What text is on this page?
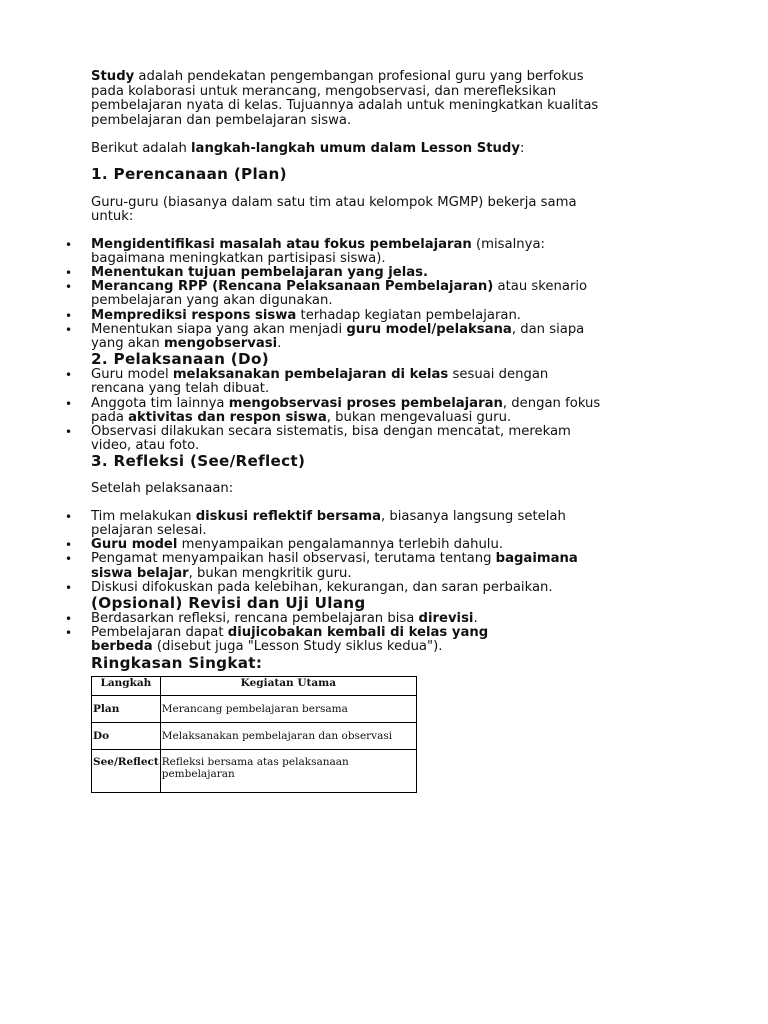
Study adalah pendekatan pengembangan profesional guru yang berfokus
pada kolaborasi untuk merancang, mengobservasi, dan merefleksikan
pembelajaran nyata di kelas. Tujuannya adalah untuk meningkatkan kualitas
pembelajaran dan pembelajaran siswa.

Berikut adalah langkah-langkah umum dalam Lesson Study:

1. Perencanaan (Plan)

Guru-guru (biasanya dalam satu tim atau kelompok MGMP) bekerja sama
untuk:

• Mengidentifikasi masalah atau fokus pembelajaran (misalnya:
bagaimana meningkatkan partisipasi siswa).
• Menentukan tujuan pembelajaran yang jelas.
• Merancang RPP (Rencana Pelaksanaan Pembelajaran) atau skenario
pembelajaran yang akan digunakan.
• Memprediksi respons siswa terhadap kegiatan pembelajaran.
• Menentukan siapa yang akan menjadi guru model/pelaksana, dan siapa
yang akan mengobservasi.
2. Pelaksanaan (Do)
• Guru model melaksanakan pembelajaran di kelas sesuai dengan
rencana yang telah dibuat.
• Anggota tim lainnya mengobservasi proses pembelajaran, dengan fokus
pada aktivitas dan respon siswa, bukan mengevaluasi guru.
• Observasi dilakukan secara sistematis, bisa dengan mencatat, merekam
video, atau foto.
3. Refleksi (See/Reflect)

Setelah pelaksanaan:

• Tim melakukan diskusi reflektif bersama, biasanya langsung setelah
pelajaran selesai.
• Guru model menyampaikan pengalamannya terlebih dahulu.
• Pengamat menyampaikan hasil observasi, terutama tentang bagaimana
siswa belajar, bukan mengkritik guru.
• Diskusi difokuskan pada kelebihan, kekurangan, dan saran perbaikan.
(Opsional) Revisi dan Uji Ulang
• Berdasarkan refleksi, rencana pembelajaran bisa direvisi.
• Pembelajaran dapat diujicobakan kembali di kelas yang
berbeda (disebut juga "Lesson Study siklus kedua").
Ringkasan Singkat:
Langkah	Kegiatan Utama
Plan	Merancang pembelajaran bersama
Do	Melaksanakan pembelajaran dan observasi
See/Reflect	Refleksi bersama atas pelaksanaan pembelajaran
